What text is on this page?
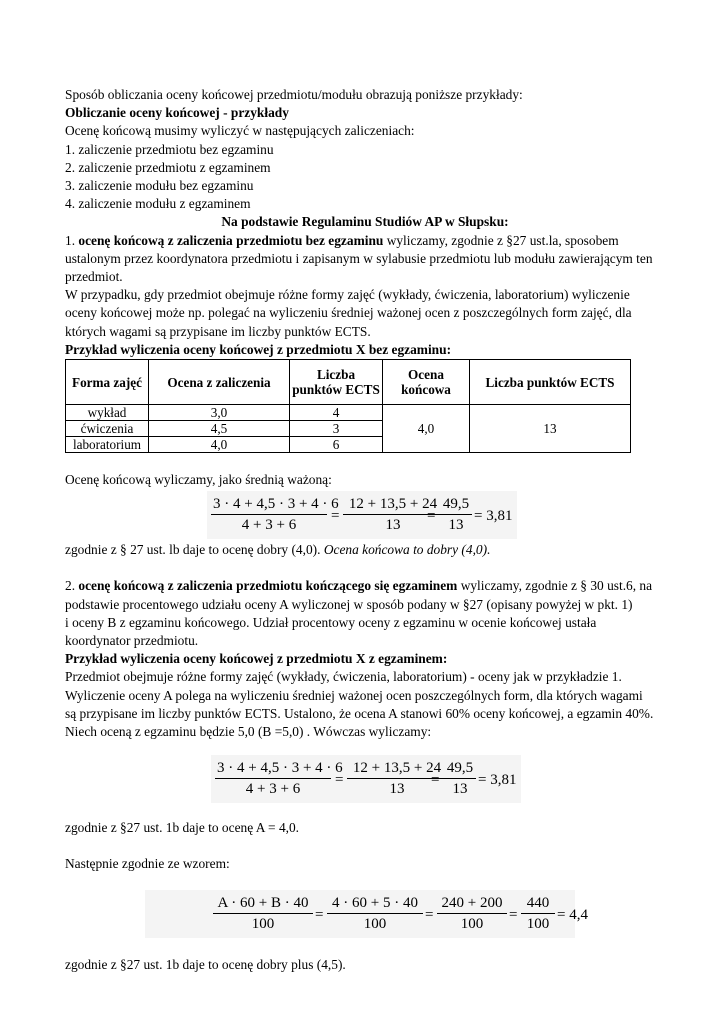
Sposób obliczania oceny końcowej przedmiotu/modułu obrazują poniższe przykłady:
Obliczanie oceny końcowej - przykłady
Ocenę końcową musimy wyliczyć w następujących zaliczeniach:
1. zaliczenie przedmiotu bez egzaminu
2. zaliczenie przedmiotu z egzaminem
3. zaliczenie modułu bez egzaminu
4. zaliczenie modułu z egzaminem
Na podstawie Regulaminu Studiów AP w Słupsku:
1. ocenę końcową z zaliczenia przedmiotu bez egzaminu wyliczamy, zgodnie z §27 ust.la, sposobem
ustalonym przez koordynatora przedmiotu i zapisanym w sylabusie przedmiotu lub modułu zawierającym ten
przedmiot.
W przypadku, gdy przedmiot obejmuje różne formy zajęć (wykłady, ćwiczenia, laboratorium) wyliczenie
oceny końcowej może np. polegać na wyliczeniu średniej ważonej ocen z poszczególnych form zajęć, dla
których wagami są przypisane im liczby punktów ECTS.
Przykład wyliczenia oceny końcowej z przedmiotu X bez egzaminu:
Forma zajęć	Ocena z zaliczenia	Liczba punktów ECTS	Ocena końcowa	Liczba punktów ECTS
wykład	3,0	4	4,0	13
ćwiczenia	4,5	3		
laboratorium	4,0	6		
Ocenę końcową wyliczamy, jako średnią ważoną:
$\frac{3 \cdot 4 + 4,5 \cdot 3 + 4 \cdot 6}{4 + 3 + 6} = \frac{12 + 13,5 + 24}{13}$
= $\frac{49,5}{13} = 3,81$
zgodnie z § 27 ust. lb daje to ocenę dobry (4,0). Ocena końcowa to dobry (4,0).
2. ocenę końcową z zaliczenia przedmiotu kończącego się egzaminem wyliczamy, zgodnie z § 30 ust.6, na
podstawie procentowego udziału oceny A wyliczonej w sposób podany w §27 (opisany powyżej w pkt. 1)
i oceny B z egzaminu końcowego. Udział procentowy oceny z egzaminu w ocenie końcowej ustała
koordynator przedmiotu.
Przykład wyliczenia oceny końcowej z przedmiotu X z egzaminem:
Przedmiot obejmuje różne formy zajęć (wykłady, ćwiczenia, laboratorium) - oceny jak w przykładzie 1.
Wyliczenie oceny A polega na wyliczeniu średniej ważonej ocen poszczególnych form, dla których wagami
są przypisane im liczby punktów ECTS. Ustalono, że ocena A stanowi 60% oceny końcowej, a egzamin 40%.
Niech oceną z egzaminu będzie 5,0 (B =5,0) . Wówczas wyliczamy:
$\frac{3 \cdot 4 + 4,5 \cdot 3 + 4 \cdot 6}{4 + 3 + 6} = \frac{12 + 13,5 + 24}{13}$
= $\frac{49,5}{13} = 3,81$
zgodnie z §27 ust. 1b daje to ocenę A = 4,0.
Następnie zgodnie ze wzorem:
$\frac{A \cdot 60 + B \cdot 40}{100} = \frac{4 \cdot 60 + 5 \cdot 40}{100} = \frac{240 + 200}{100} = \frac{440}{100} = 4,4$
zgodnie z §27 ust. 1b daje to ocenę dobry plus (4,5).
